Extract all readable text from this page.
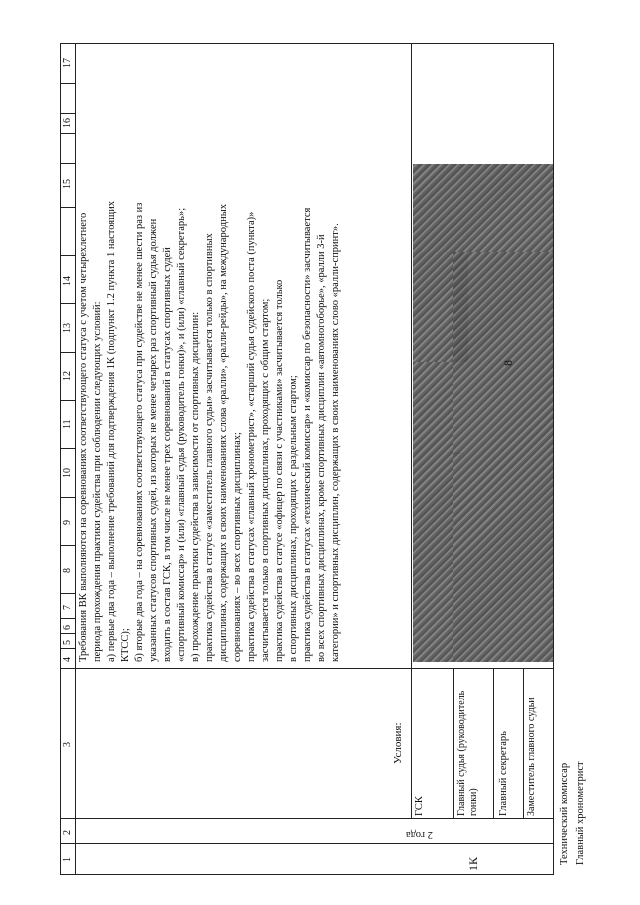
1
2
3
4
5
6
7
8
9
10
11
12
13
14
15
16
17
Требования ВК выполняются на соревнованиях соответствующего статуса с учетом четырехлетнего периода прохождения практики судейства при соблюдении следующих условий: а) первые два года – выполнение требований для подтверждения 1К (подпункт 1.2 пункта 1 настоящих КТСС); б) вторые два года – на соревнованиях соответствующего статуса при судействе не менее шести раз из указанных статусов спортивных судей, из которых не менее четырех раз спортивный судья должен входить в состав ГСК, в том числе не менее трех соревнований в статусах спортивных судей «спортивный комиссар» и (или) «главный судья (руководитель гонки)», и (или) «главный секретарь»; в) прохождение практики судейства в зависимости от спортивных дисциплин: практика судейства в статусе «заместитель главного судьи» засчитывается только в спортивных дисциплинах, содержащих в своих наименованиях слова «ралли», «ралли-рейды», на международных соревнованиях – во всех спортивных дисциплинах; практика судейства в статусах «главный хронометрист», «старший судья судейского поста (пункта)» засчитывается только в спортивных дисциплинах, проходящих с общим стартом; практика судейства в статусе «офицер по связи с участниками» засчитывается только в спортивных дисциплинах, проходящих с раздельным стартом; практика судейства в статусах «технический комиссар» и «комиссар по безопасности» засчитывается во всех спортивных дисциплинах, кроме спортивных дисциплин «автомногоборье», «ралли 3-й категории» и спортивных дисциплин, содержащих в своих наименованиях слово «ралли-спринт».
1К
2 года
Условия:
ГСК	Главный судья (руководитель гонки) Главный секретарь Заместитель главного судьи
8
Технический комиссар Главный хронометрист
